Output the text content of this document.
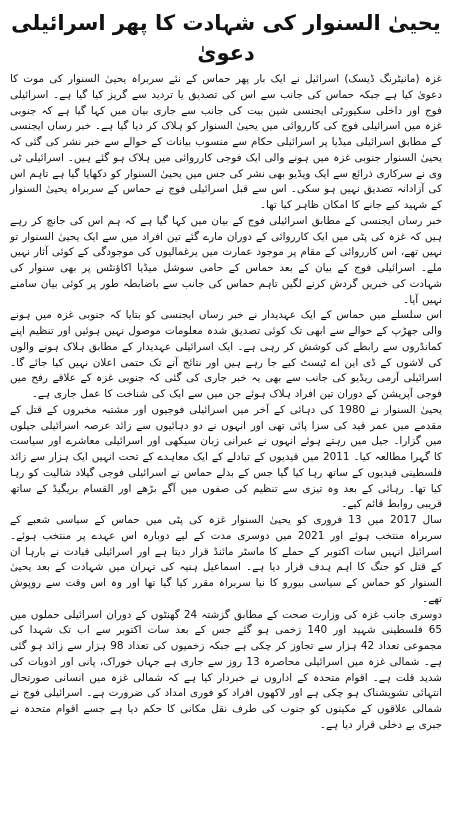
یحییٰ السنوار کی شہادت کا پھر اسرائیلی دعویٰ

غزہ (مانیٹرنگ ڈیسک) اسرائیل نے ایک بار پھر حماس کے نئے سربراہ یحییٰ السنوار کی موت کا دعویٰ کیا ہے جبکہ حماس کی جانب سے اس کی تصدیق یا تردید سے گریز کیا گیا ہے۔ اسرائیلی فوج اور داخلی سکیورٹی ایجنسی شین بیت کی جانب سے جاری بیان میں کہا گیا ہے کہ جنوبی غزہ میں اسرائیلی فوج کی کارروائی میں یحییٰ السنوار کو ہلاک کر دیا گیا ہے۔ خبر رساں ایجنسی کے مطابق اسرائیلی میڈیا پر اسرائیلی حکام سے منسوب بیانات کے حوالے سے خبر نشر کی گئی کہ یحییٰ السنوار جنوبی غزہ میں ہونے والی ایک فوجی کارروائی میں ہلاک ہو گئے ہیں۔ اسرائیلی ٹی وی نے سرکاری ذرائع سے ایک ویڈیو بھی نشر کی جس میں یحییٰ السنوار کو دکھایا گیا ہے تاہم اس کی آزادانہ تصدیق نہیں ہو سکی۔ اس سے قبل اسرائیلی فوج نے حماس کے سربراہ یحییٰ السنوار کے شہید کیے جانے کا امکان ظاہر کیا تھا۔

خبر رساں ایجنسی کے مطابق اسرائیلی فوج کے بیان میں کہا گیا ہے کہ ہم اس کی جانچ کر رہے ہیں کہ غزہ کی پٹی میں ایک کارروائی کے دوران مارے گئے تین افراد میں سے ایک یحییٰ السنوار تو نہیں تھے، اس کارروائی کے مقام پر موجود عمارت میں یرغمالیوں کی موجودگی کے کوئی آثار نہیں ملے۔ اسرائیلی فوج کے بیان کے بعد حماس کے حامی سوشل میڈیا اکاؤنٹس پر بھی سنوار کی شہادت کی خبریں گردش کرنے لگیں تاہم حماس کی جانب سے باضابطہ طور پر کوئی بیان سامنے نہیں آیا۔

اس سلسلے میں حماس کے ایک عہدیدار نے خبر رساں ایجنسی کو بتایا کہ جنوبی غزہ میں ہونے والی جھڑپ کے حوالے سے ابھی تک کوئی تصدیق شدہ معلومات موصول نہیں ہوئیں اور تنظیم اپنے کمانڈروں سے رابطے کی کوشش کر رہی ہے۔ ایک اسرائیلی عہدیدار کے مطابق ہلاک ہونے والوں کی لاشوں کے ڈی این اے ٹیسٹ کیے جا رہے ہیں اور نتائج آنے تک حتمی اعلان نہیں کیا جائے گا۔ اسرائیلی آرمی ریڈیو کی جانب سے بھی یہ خبر جاری کی گئی کہ جنوبی غزہ کے علاقے رفح میں فوجی آپریشن کے دوران تین افراد ہلاک ہوئے جن میں سے ایک کی شناخت کا عمل جاری ہے۔

یحییٰ السنوار نے 1980 کی دہائی کے آخر میں اسرائیلی فوجیوں اور مشتبہ مخبروں کے قتل کے مقدمے میں عمر قید کی سزا پائی تھی اور انہوں نے دو دہائیوں سے زائد عرصہ اسرائیلی جیلوں میں گزارا۔ جیل میں رہتے ہوئے انہوں نے عبرانی زبان سیکھی اور اسرائیلی معاشرے اور سیاست کا گہرا مطالعہ کیا۔ 2011 میں قیدیوں کے تبادلے کے ایک معاہدے کے تحت انہیں ایک ہزار سے زائد فلسطینی قیدیوں کے ساتھ رہا کیا گیا جس کے بدلے حماس نے اسرائیلی فوجی گیلاد شالیت کو رہا کیا تھا۔ رہائی کے بعد وہ تیزی سے تنظیم کی صفوں میں آگے بڑھے اور القسام بریگیڈ کے ساتھ قریبی روابط قائم کیے۔

سال 2017 میں 13 فروری کو یحییٰ السنوار غزہ کی پٹی میں حماس کے سیاسی شعبے کے سربراہ منتخب ہوئے اور 2021 میں دوسری مدت کے لیے دوبارہ اس عہدے پر منتخب ہوئے۔ اسرائیل انہیں سات اکتوبر کے حملے کا ماسٹر مائنڈ قرار دیتا ہے اور اسرائیلی قیادت نے بارہا ان کے قتل کو جنگ کا اہم ہدف قرار دیا ہے۔ اسماعیل ہنیہ کی تہران میں شہادت کے بعد یحییٰ السنوار کو حماس کے سیاسی بیورو کا نیا سربراہ مقرر کیا گیا تھا اور وہ اس وقت سے روپوش تھے۔

دوسری جانب غزہ کی وزارت صحت کے مطابق گزشتہ 24 گھنٹوں کے دوران اسرائیلی حملوں میں 65 فلسطینی شہید اور 140 زخمی ہو گئے جس کے بعد سات اکتوبر سے اب تک شہدا کی مجموعی تعداد 42 ہزار سے تجاوز کر چکی ہے جبکہ زخمیوں کی تعداد 98 ہزار سے زائد ہو گئی ہے۔ شمالی غزہ میں اسرائیلی محاصرہ 13 روز سے جاری ہے جہاں خوراک، پانی اور ادویات کی شدید قلت ہے۔ اقوام متحدہ کے اداروں نے خبردار کیا ہے کہ شمالی غزہ میں انسانی صورتحال انتہائی تشویشناک ہو چکی ہے اور لاکھوں افراد کو فوری امداد کی ضرورت ہے۔ اسرائیلی فوج نے شمالی علاقوں کے مکینوں کو جنوب کی طرف نقل مکانی کا حکم دیا ہے جسے اقوام متحدہ نے جبری بے دخلی قرار دیا ہے۔
